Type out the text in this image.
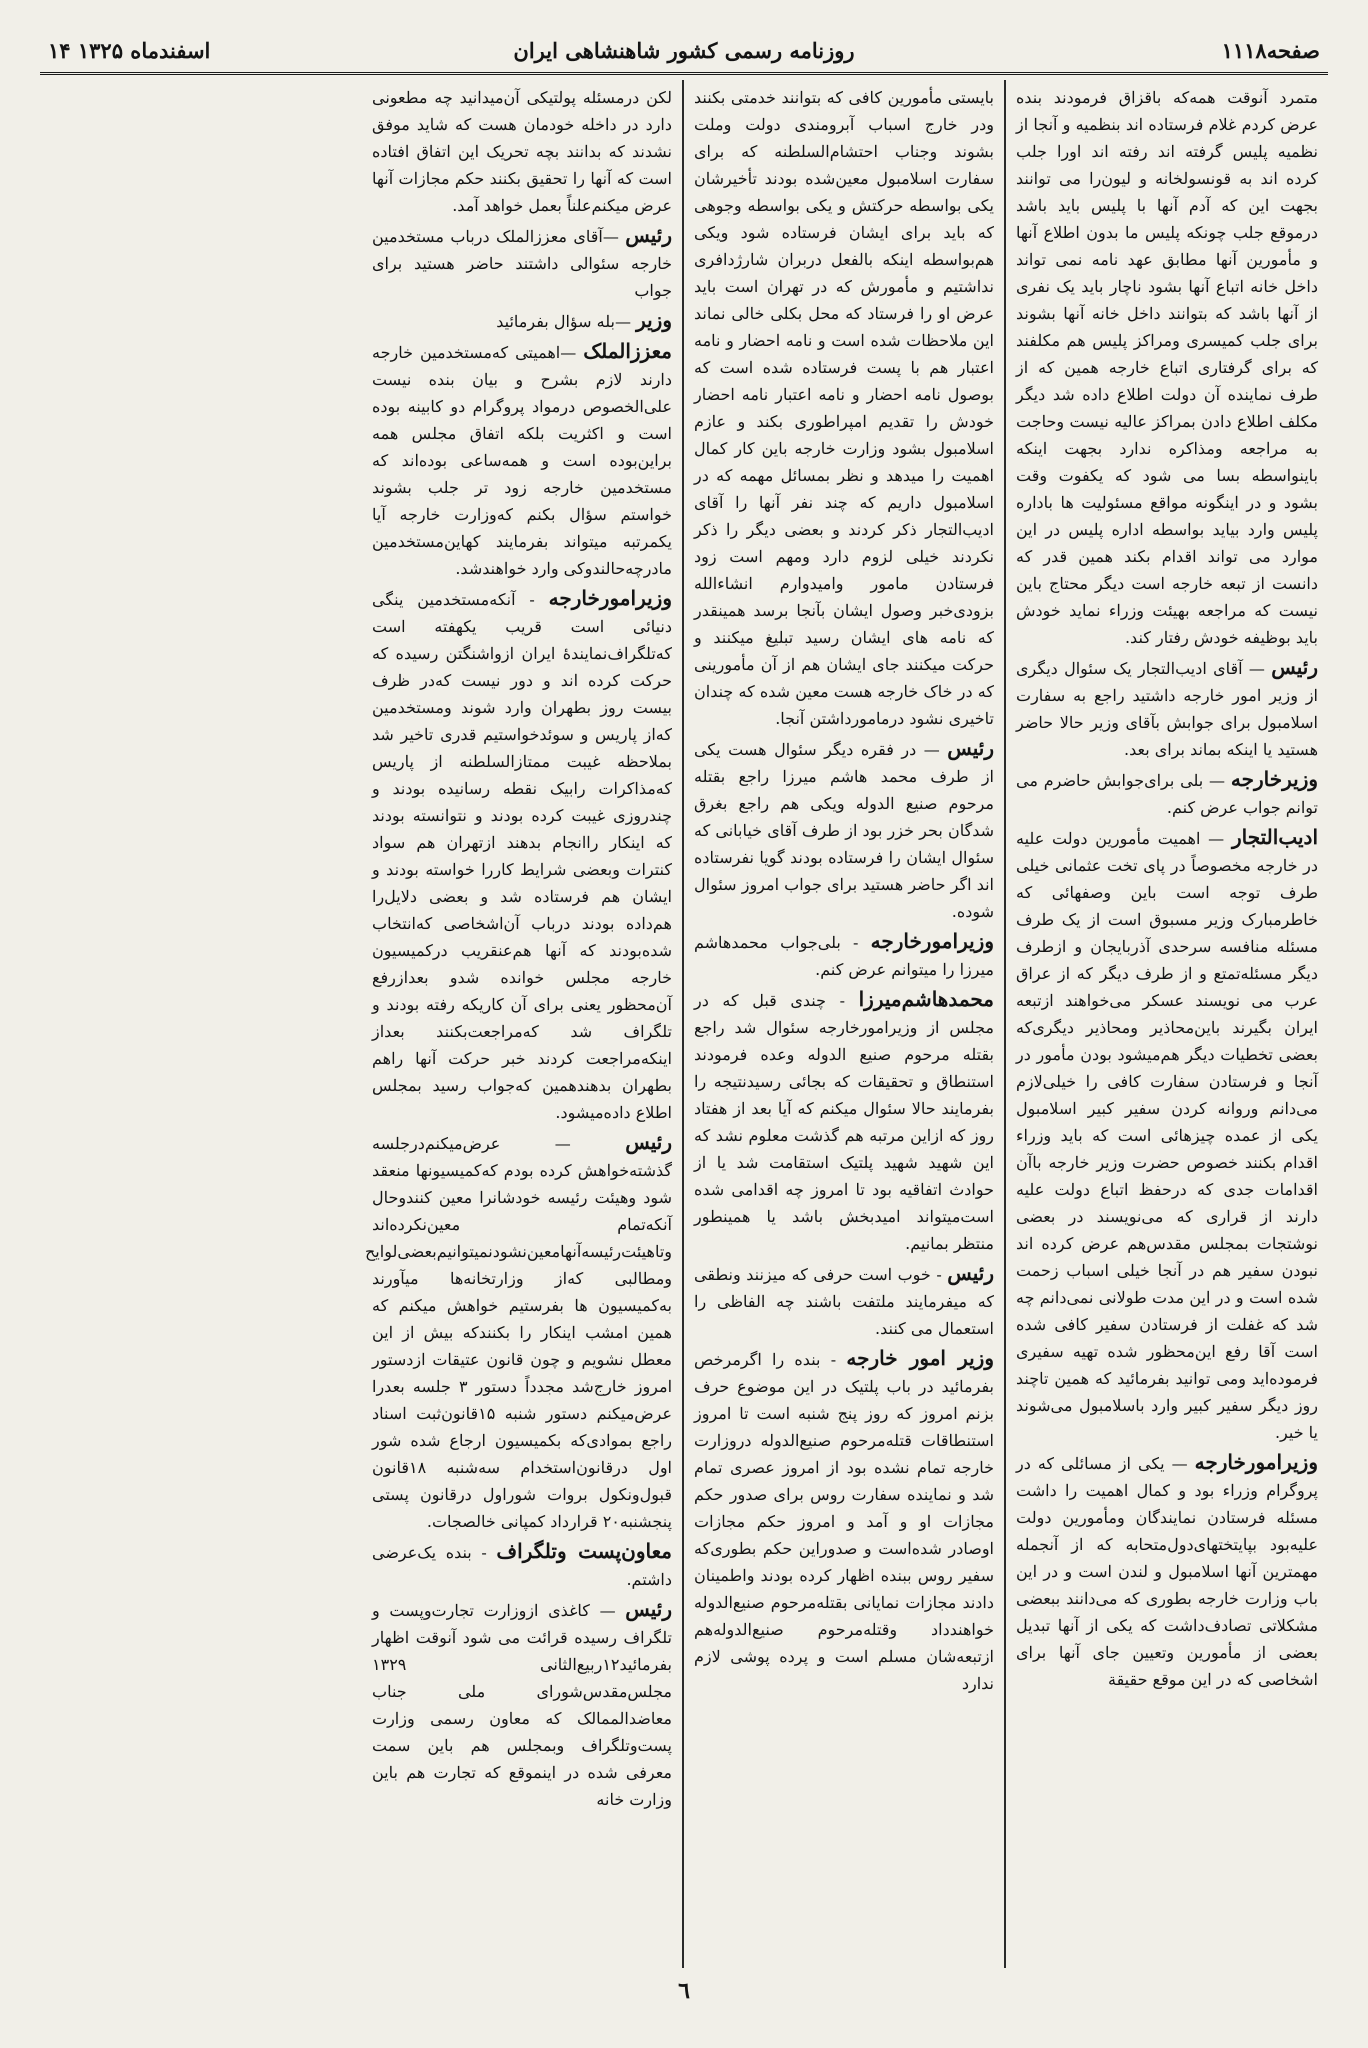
صفحه۱۱۱۸
روزنامه رسمی کشور شاهنشاهی ایران
۱۴ اسفندماه ۱۳۲۵

متمرد آنوقت همه‌که باقزاق فرمودند بنده عرض کردم غلام فرستاده اند بنظمیه و آنجا از نظمیه پلیس گرفته اند رفته اند اورا جلب کرده اند به قونسولخانه و لیون‌را می توانند بجهت این که آدم آنها با پلیس باید باشد درموقع جلب چونکه پلیس ما بدون اطلاع آنها و مأمورین آنها مطابق عهد نامه نمی تواند داخل خانه اتباع آنها بشود ناچار باید یک نفری از آنها باشد که بتوانند داخل خانه آنها بشوند برای جلب کمیسری ومراکز پلیس هم مکلفند که برای گرفتاری اتباع خارجه همین که از طرف نماینده آن دولت اطلاع داده شد دیگر مکلف اطلاع دادن بمراکز عالیه نیست وحاجت به مراجعه ومذاکره ندارد بجهت اینکه باینواسطه بسا می شود که یکفوت وقت بشود و در اینگونه مواقع مسئولیت ها باداره پلیس وارد بیاید بواسطه اداره پلیس در این موارد می تواند اقدام بکند همین قدر که دانست از تبعه خارجه است دیگر محتاج باین نیست که مراجعه بهیئت وزراء نماید خودش باید بوظیفه خودش رفتار کند.

رئیس — آقای ادیب‌التجار یک سئوال دیگری از وزیر امور خارجه داشتید راجع به سفارت اسلامبول برای جوابش بآقای وزیر حالا حاضر هستید یا اینکه بماند برای بعد.

وزیرخارجه — بلی برای‌جوابش حاضرم می توانم جواب عرض کنم.

ادیب‌التجار — اهمیت مأمورین دولت علیه در خارجه مخصوصاً در پای تخت عثمانی خیلی طرف توجه است باین وصفهائی که خاطرمبارک وزیر مسبوق است از یک طرف مسئله منافسه سرحدی آذربایجان و ازطرف دیگر مسئله‌تمتع و از طرف دیگر که از عراق عرب می نویسند عسکر می‌خواهند ازتبعه ایران بگیرند باین‌محاذیر ومحاذیر دیگری‌که بعضی تخطیات دیگر هم‌میشود بودن مأمور در آنجا و فرستادن سفارت کافی را خیلی‌لازم می‌دانم وروانه کردن سفیر کبیر اسلامبول یکی از عمده چیزهائی است که باید وزراء اقدام بکنند خصوص حضرت وزیر خارجه باآن اقدامات جدی که درحفظ اتباع دولت علیه دارند از قراری که می‌نویسند در بعضی نوشتجات بمجلس مقدس‌هم عرض کرده اند نبودن سفیر هم در آنجا خیلی اسباب زحمت شده است و در این مدت طولانی نمی‌دانم چه شد که غفلت از فرستادن سفیر کافی شده است آقا رفع این‌محظور شده تهیه سفیری فرموده‌اید ومی توانید بفرمائید که همین تا‌چند روز دیگر سفیر کبیر وارد باسلامبول می‌شوند یا خیر.

وزیرامورخارجه — یکی از مسائلی که در پروگرام وزراء بود و کمال اهمیت را داشت مسئله فرستادن نمایندگان ومأمورین دولت علیه‌بود بپایتختهای‌دول‌متحابه که از آنجمله مهمترین آنها اسلامبول و لندن است و در این باب وزارت خارجه بطوری که می‌دانند ببعضی مشکلاتی تصادف‌داشت که یکی از آنها تبدیل بعضی از مأمورین وتعیین جای آنها برای اشخاصی که در این موقع حقیقة

بایستی مأمورین کافی که بتوانند خدمتی بکنند ودر خارج اسباب آبرومندی دولت وملت بشوند وجناب احتشام‌السلطنه که برای سفارت اسلامبول معین‌شده بودند تأخیرشان یکی بواسطه حرکتش و یکی بواسطه وجوهی که باید برای ایشان فرستاده شود ویکی هم‌بواسطه اینکه بالفعل دربران شارژدافری نداشتیم و مأمورش که در تهران است باید عرض او را فرستاد که محل بکلی خالی نماند این ملاحظات شده است و نامه احضار و نامه اعتبار هم با پست فرستاده شده است که بوصول نامه احضار و نامه اعتبار نامه احضار خودش را تقدیم امپراطوری بکند و عازم اسلامبول بشود وزارت خارجه باین کار کمال اهمیت را میدهد و نظر بمسائل مهمه که در اسلامبول داریم که چند نفر آنها را آقای ادیب‌التجار ذکر کردند و بعضی دیگر را ذکر نکردند خیلی لزوم دارد ومهم است زود فرستادن مامور وامیدوارم انشاءالله بزودی‌خبر وصول ایشان بآنجا برسد همینقدر که نامه های ایشان رسید تبلیغ میکنند و حرکت میکنند جای ایشان هم از آن مأمورینی که در خاک خارجه هست معین شده که چندان تاخیری نشود درمامورداشتن آنجا.

رئیس — در فقره دیگر سئوال هست یکی از طرف محمد هاشم میرزا راجع بقتله مرحوم صنیع الدوله ویکی هم راجع بغرق شدگان بحر خزر بود از طرف آقای خیابانی که سئوال ایشان را فرستاده بودند گویا نفرستاده اند اگر حاضر هستید برای جواب امروز سئوال شوده.

وزیرامورخارجه - بلی‌جواب محمدهاشم میرزا را میتوانم عرض کنم.

محمدهاشم‌میرزا - چندی قبل که در مجلس از وزیرامورخارجه سئوال شد راجع بقتله مرحوم صنیع الدوله وعده فرمودند استنطاق و تحقیقات که بجائی رسیدنتیجه را بفرمایند حالا سئوال میکنم که آیا بعد از هفتاد روز که ازاین مرتبه هم گذشت معلوم نشد که این شهید شهید پلتیک استقامت شد یا از حوادث اتفاقیه بود تا امروز چه اقدامی شده است‌میتواند امیدبخش باشد یا همینطور منتظر بمانیم.

رئیس - خوب است حرفی که میزنند ونطقی که میفرمایند ملتفت باشند چه الفاظی را استعمال می کنند.

وزیر امور خارجه - بنده را اگرمرخص بفرمائید در باب پلتیک در این موضوع حرف بزنم امروز که روز پنج شنبه است تا امروز استنطاقات قتله‌مرحوم صنیع‌الدوله دروزارت خارجه تمام نشده بود از امروز عصری تمام شد و نماینده سفارت روس برای صدور حکم مجازات او و آمد و امروز حکم مجازات اوصادر شده‌است و صدوراین حکم بطوری‌که سفیر روس ببنده اظهار کرده بودند واطمینان دادند مجازات نمایانی بقتله‌مرحوم صنیع‌الدوله خواهندداد وقتله‌مرحوم صنیع‌الدوله‌هم ازتبعه‌شان مسلم است و پرده پوشی لازم ندارد

لکن درمسئله پولتیکی آن‌میدانید چه مطعونی دارد در داخله خودمان هست که شاید موفق نشدند که بدانند بچه تحریک این اتفاق افتاده است که آنها را تحقیق بکنند حکم مجازات آنها عرض میکنم‌علناً بعمل خواهد آمد.

رئیس —آقای معززالملک درباب مستخدمین خارجه سئوالی داشتند حاضر هستید برای جواب

وزیر —بله سؤال بفرمائید

معززالملک —اهمیتی که‌مستخدمین خارجه دارند لازم بشرح و بیان بنده نیست علی‌الخصوص درمواد پروگرام دو کابینه بوده است و اکثریت بلکه اتفاق مجلس همه براین‌بوده است و همه‌ساعی بوده‌اند که مستخدمین خارجه زود تر جلب بشوند خواستم سؤال بکنم که‌وزارت خارجه آیا یکمرتبه میتواند بفرمایند کهاین‌مستخدمین مادرچه‌حالند‌وکی وارد خواهندشد.

وزیرامورخارجه - آنکه‌مستخدمین ینگی دنیائی است قریب یکهفته است که‌تلگراف‌نمایندۀ ایران ازواشنگتن رسیده که حرکت کرده اند و دور نیست که‌در ظرف بیست روز بطهران وارد شوند ومستخدمین که‌از پاریس و سوئدخواستیم قدری تاخیر شد بملاحظه غیبت ممتازالسلطنه از پاریس که‌مذاکرات رابیک نقطه رسانیده بودند و چندروزی غیبت کرده بودند و نتوانسته بودند که اینکار راانجام بدهند ازتهران هم سواد کنترات وبعضی شرایط کاررا خواسته بودند و ایشان هم فرستاده شد و بعضی دلایل‌را هم‌داده بودند درباب آن‌اشخاصی که‌انتخاب شده‌بودند که آنها هم‌عنقریب درکمیسیون خارجه مجلس خوانده شدو بعدازرفع آن‌محظور یعنی برای آن کاریکه رفته بودند و تلگراف شد که‌مراجعت‌بکنند بعداز اینکه‌مراجعت کردند خبر حرکت آنها راهم بطهران بدهندهمین که‌جواب رسید بمجلس اطلاع داده‌میشود.

رئیس — عرض‌میکنم‌درجلسه گذشته‌خواهش کرده بودم که‌کمیسیونها منعقد شود وهیئت رئیسه خودشانرا معین کنندو‌حال آنکه‌تمام معین‌نکرده‌اند وتاهیئت‌رئیسه‌آنهامعین‌نشود‌نمیتوانیم‌بعضی‌لوایح ومطالبی که‌از وزارتخانه‌ها میآورند به‌کمیسیون ها بفرستیم خواهش میکنم که همین امشب اینکار را بکنندکه بیش از این معطل نشویم و چون قانون عتیقات ازدستور امروز خارج‌شد مجدداً دستور ۳ جلسه بعدرا عرض‌میکنم دستور شنبه ۱۵قانون‌ثبت اسناد راجع بموادی‌که بکمیسیون ارجاع شده شور اول درقانون‌استخدام سه‌شنبه ۱۸قانون قبول‌و‌نکول بروات شوراول درقانون پستی پنجشنبه۲۰ قرارداد کمپانی خالصجات.

معاون‌پست وتلگراف - بنده یک‌عرضی داشتم.

رئیس — کاغذی ازوزارت تجارت‌وپست و تلگراف رسیده قرائت می شود آنوقت اظهار بفرمائید۱۲ربیع‌الثانی ۱۳۲۹ مجلس‌مقدس‌شورای ملی جناب معاضدالممالک که معاون رسمی وزارت پست‌وتلگراف وبمجلس هم باین سمت معرفی شده در اینموقع که تجارت هم باین وزارت خانه

٦
